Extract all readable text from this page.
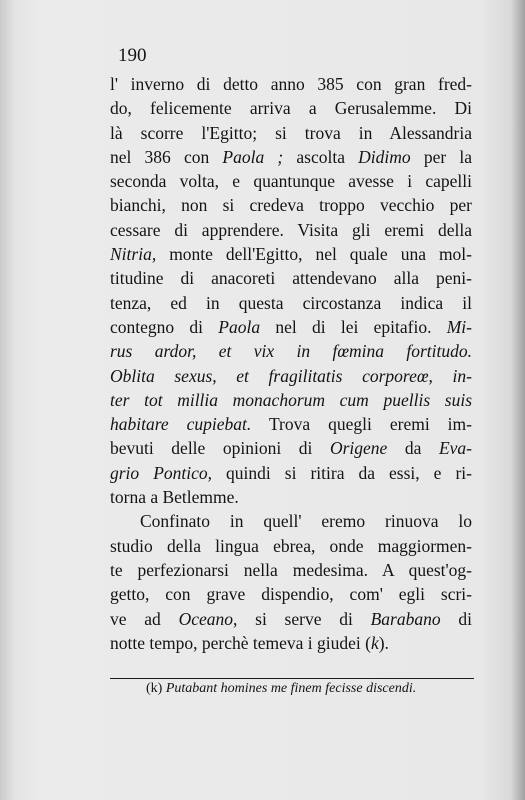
190
l' inverno di detto anno 385 con gran fred-
do, felicemente arriva a Gerusalemme. Di
là scorre l'Egitto; si trova in Alessandria
nel 386 con Paola ; ascolta Didimo per la
seconda volta, e quantunque avesse i capelli
bianchi, non si credeva troppo vecchio per
cessare di apprendere. Visita gli eremi della
Nitria, monte dell'Egitto, nel quale una mol-
titudine di anacoreti attendevano alla peni-
tenza, ed in questa circostanza indica il
contegno di Paola nel di lei epitafio. Mi-
rus ardor, et vix in fœmina fortitudo.
Oblita sexus, et fragilitatis corporeœ, in-
ter tot millia monachorum cum puellis suis
habitare cupiebat. Trova quegli eremi im-
bevuti delle opinioni di Origene da Eva-
grio Pontico, quindi si ritira da essi, e ri-
torna a Betlemme.
Confinato in quell' eremo rinuova lo
studio della lingua ebrea, onde maggiormen-
te perfezionarsi nella medesima. A quest'og-
getto, con grave dispendio, com' egli scri-
ve ad Oceano, si serve di Barabano di
notte tempo, perchè temeva i giudei (k).
(k) Putabant homines me finem fecisse discendi.
